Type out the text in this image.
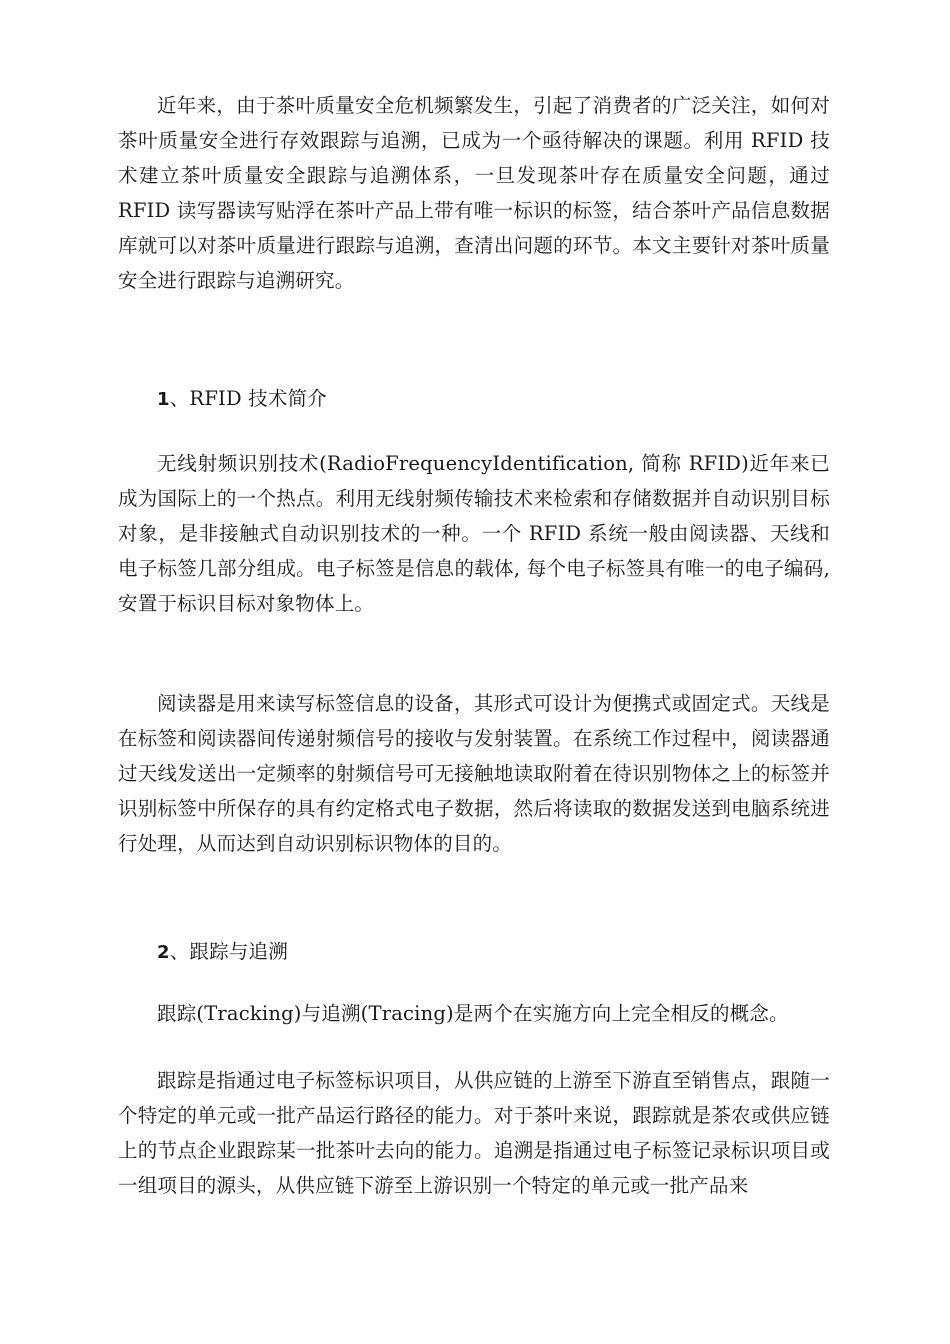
近年来，由于茶叶质量安全危机频繁发生，引起了消费者的广泛关注，如何对茶叶质量安全进行存效跟踪与追溯，已成为一个亟待解决的课题。利用 RFID 技术建立茶叶质量安全跟踪与追溯体系，一旦发现茶叶存在质量安全问题，通过 RFID 读写器读写贴浮在茶叶产品上带有唯一标识的标签，结合茶叶产品信息数据库就可以对茶叶质量进行跟踪与追溯，查清出问题的环节。本文主要针对茶叶质量安全进行跟踪与追溯研究。

1、RFID 技术简介

无线射频识别技术(RadioFrequencyIdentification, 简称 RFID)近年来已成为国际上的一个热点。利用无线射频传输技术来检索和存储数据并自动识别目标对象，是非接触式自动识别技术的一种。一个 RFID 系统一般由阅读器、天线和电子标签几部分组成。电子标签是信息的载体, 每个电子标签具有唯一的电子编码, 安置于标识目标对象物体上。

阅读器是用来读写标签信息的设备，其形式可设计为便携式或固定式。天线是在标签和阅读器间传递射频信号的接收与发射装置。在系统工作过程中，阅读器通过天线发送出一定频率的射频信号可无接触地读取附着在待识别物体之上的标签并识别标签中所保存的具有约定格式电子数据，然后将读取的数据发送到电脑系统进行处理，从而达到自动识别标识物体的目的。

2、跟踪与追溯

跟踪(Tracking)与追溯(Tracing)是两个在实施方向上完全相反的概念。

跟踪是指通过电子标签标识项目，从供应链的上游至下游直至销售点，跟随一个特定的单元或一批产品运行路径的能力。对于茶叶来说，跟踪就是茶农或供应链上的节点企业跟踪某一批茶叶去向的能力。追溯是指通过电子标签记录标识项目或一组项目的源头，从供应链下游至上游识别一个特定的单元或一批产品来
